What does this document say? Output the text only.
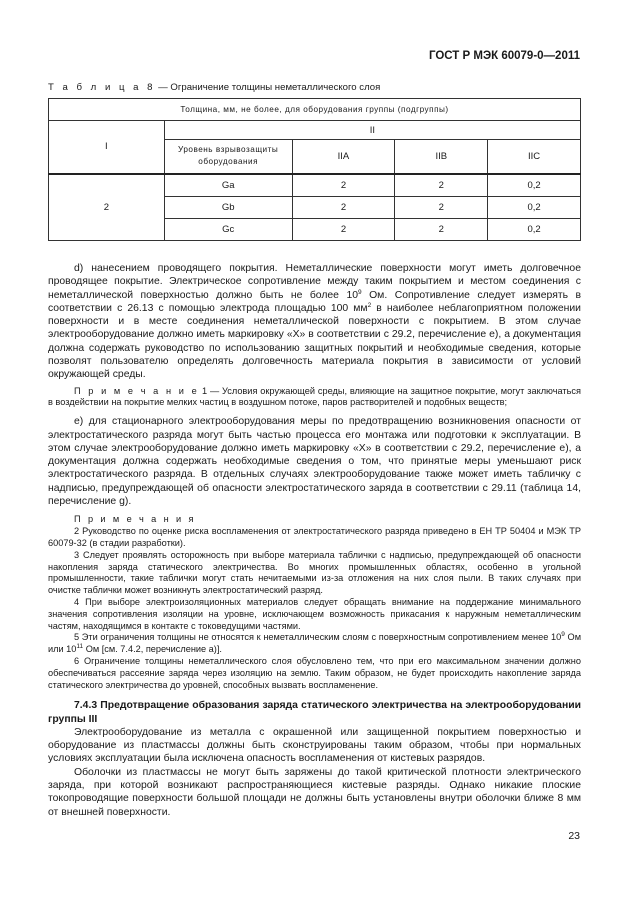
ГОСТ Р МЭК 60079-0—2011
Т а б л и ц а 8 — Ограничение толщины неметаллического слоя
Толщина, мм, не более, для оборудования группы (подгруппы)				
I	II			
	Уровень взрывозащиты оборудования	IIA	IIB	IIC
2	Ga	2	2	0,2
	Gb	2	2	0,2
	Gc	2	2	0,2

d) нанесением проводящего покрытия. Неметаллические поверхности могут иметь долговечное проводящее покрытие. Электрическое сопротивление между таким покрытием и местом соединения с неметаллической поверхностью должно быть не более $10^9$ Ом. Сопротивление следует измерять в соответствии с 26.13 с помощью электрода площадью 100 $мм^2$ в наиболее неблагоприятном положении поверхности и в месте соединения неметаллической поверхности с покрытием. В этом случае электрооборудование должно иметь маркировку «X» в соответствии с 29.2, перечисление е), а документация должна содержать руководство по использованию защитных покрытий и необходимые сведения, которые позволят пользователю определять долговечность материала покрытия в зависимости от условий окружающей среды.

П р и м е ч а н и е 1 — Условия окружающей среды, влияющие на защитное покрытие, могут заключаться в воздействии на покрытие мелких частиц в воздушном потоке, паров растворителей и подобных веществ;

е) для стационарного электрооборудования меры по предотвращению возникновения опасности от электростатического разряда могут быть частью процесса его монтажа или подготовки к эксплуатации. В этом случае электрооборудование должно иметь маркировку «X» в соответствии с 29.2, перечисление е), а документация должна содержать необходимые сведения о том, что принятые меры уменьшают риск электростатического разряда. В отдельных случаях электрооборудование также может иметь табличку с надписью, предупреждающей об опасности электростатического заряда в соответствии с 29.11 (таблица 14, перечисление g).

П р и м е ч а н и я

2 Руководство по оценке риска воспламенения от электростатического разряда приведено в ЕН ТР 50404 и МЭК ТР 60079-32 (в стадии разработки).

3 Следует проявлять осторожность при выборе материала таблички с надписью, предупреждающей об опасности накопления заряда статического электричества. Во многих промышленных областях, особенно в угольной промышленности, такие таблички могут стать нечитаемыми из-за отложения на них слоя пыли. В таких случаях при очистке таблички может возникнуть электростатический разряд.

4 При выборе электроизоляционных материалов следует обращать внимание на поддержание минимального значения сопротивления изоляции на уровне, исключающем возможность прикасания к наружным неметаллическим частям, находящимся в контакте с токоведущими частями.

5 Эти ограничения толщины не относятся к неметаллическим слоям с поверхностным сопротивлением менее $10^9$ Ом или $10^{11}$ Ом [см. 7.4.2, перечисление а)].

6 Ограничение толщины неметаллического слоя обусловлено тем, что при его максимальном значении должно обеспечиваться рассеяние заряда через изоляцию на землю. Таким образом, не будет происходить накопление заряда статического электричества до уровней, способных вызвать воспламенение.

7.4.3 Предотвращение образования заряда статического электричества на электрооборудовании группы III

Электрооборудование из металла с окрашенной или защищенной покрытием поверхностью и оборудование из пластмассы должны быть сконструированы таким образом, чтобы при нормальных условиях эксплуатации была исключена опасность воспламенения от кистевых разрядов.

Оболочки из пластмассы не могут быть заряжены до такой критической плотности электрического заряда, при которой возникают распространяющиеся кистевые разряды. Однако никакие плоские токопроводящие поверхности большой площади не должны быть установлены внутри оболочки ближе 8 мм от внешней поверхности.

23
